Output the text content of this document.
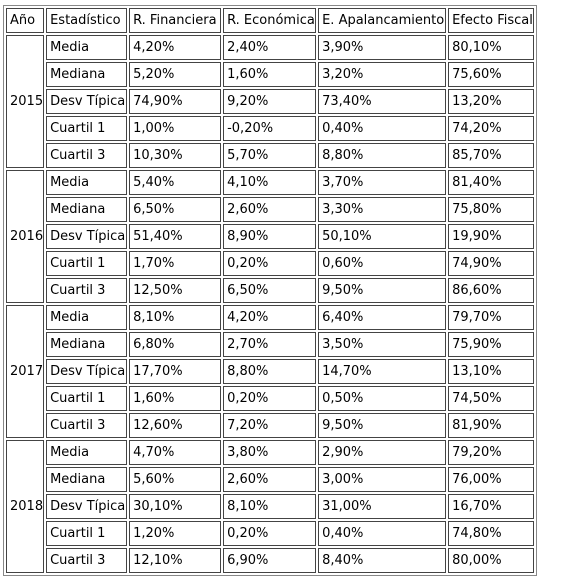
Año	Estadístico	R. Financiera	R. Económica	E. Apalancamiento	Efecto Fiscal
2015	Media	4,20%	2,40%	3,90%	80,10%
	Mediana	5,20%	1,60%	3,20%	75,60%
	Desv Típica	74,90%	9,20%	73,40%	13,20%
	Cuartil 1	1,00%	-0,20%	0,40%	74,20%
	Cuartil 3	10,30%	5,70%	8,80%	85,70%
2016	Media	5,40%	4,10%	3,70%	81,40%
	Mediana	6,50%	2,60%	3,30%	75,80%
	Desv Típica	51,40%	8,90%	50,10%	19,90%
	Cuartil 1	1,70%	0,20%	0,60%	74,90%
	Cuartil 3	12,50%	6,50%	9,50%	86,60%
2017	Media	8,10%	4,20%	6,40%	79,70%
	Mediana	6,80%	2,70%	3,50%	75,90%
	Desv Típica	17,70%	8,80%	14,70%	13,10%
	Cuartil 1	1,60%	0,20%	0,50%	74,50%
	Cuartil 3	12,60%	7,20%	9,50%	81,90%
2018	Media	4,70%	3,80%	2,90%	79,20%
	Mediana	5,60%	2,60%	3,00%	76,00%
	Desv Típica	30,10%	8,10%	31,00%	16,70%
	Cuartil 1	1,20%	0,20%	0,40%	74,80%
	Cuartil 3	12,10%	6,90%	8,40%	80,00%
